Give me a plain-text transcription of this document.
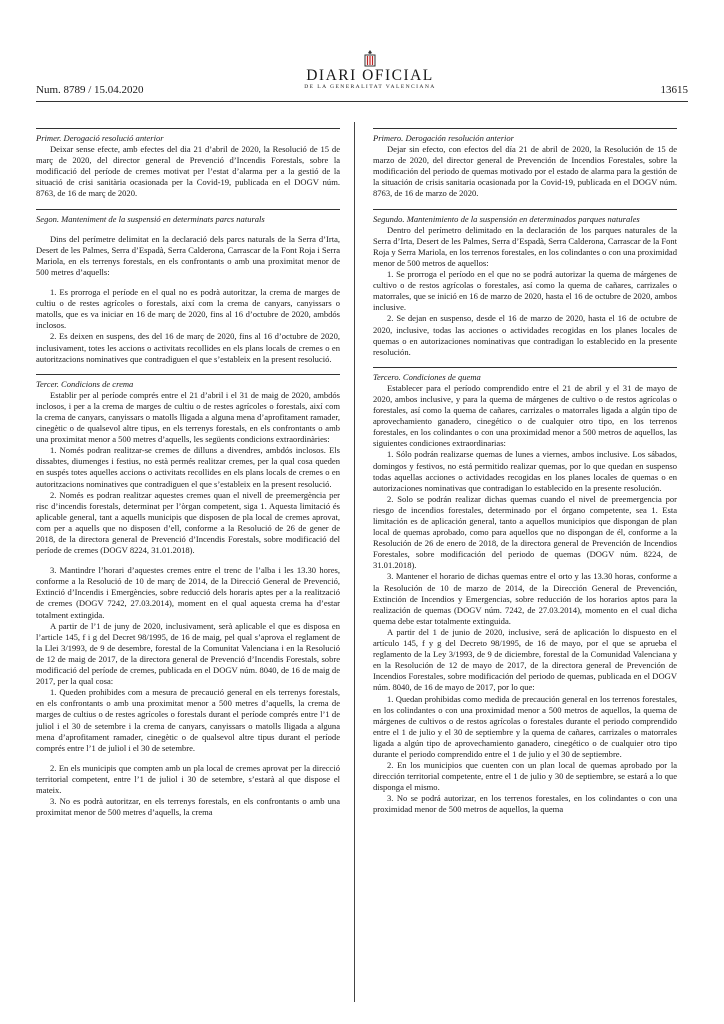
Num. 8789 / 15.04.2020
DIARI OFICIAL
DE LA GENERALITAT VALENCIANA	13615

Primer. Derogació resolució anterior

Deixar sense efecte, amb efectes del dia 21 d’abril de 2020, la Resolució de 15 de març de 2020, del director general de Prevenció d’Incendis Forestals, sobre la modificació del període de cremes motivat per l’estat d’alarma per a la gestió de la situació de crisi sanitària ocasionada per la Covid-19, publicada en el DOGV núm. 8763, de 16 de març de 2020.

Segon. Manteniment de la suspensió en determinats parcs naturals

Dins del perímetre delimitat en la declaració dels parcs naturals de la Serra d’Irta, Desert de les Palmes, Serra d’Espadà, Serra Calderona, Carrascar de la Font Roja i Serra Mariola, en els terrenys forestals, en els confrontants o amb una proximitat menor de 500 metres d’aquells:

1. Es prorroga el període en el qual no es podrà autoritzar, la crema de marges de cultiu o de restes agrícoles o forestals, així com la crema de canyars, canyissars o matolls, que es va iniciar en 16 de març de 2020, fins al 16 d’octubre de 2020, ambdós inclosos.

2. Es deixen en suspens, des del 16 de març de 2020, fins al 16 d’octubre de 2020, inclusivament, totes les accions o activitats recollides en els plans locals de cremes o en autoritzacions nominatives que contradiguen el que s’estableix en la present resolució.

Tercer. Condicions de crema

Establir per al període comprés entre el 21 d’abril i el 31 de maig de 2020, ambdós inclosos, i per a la crema de marges de cultiu o de restes agrícoles o forestals, així com la crema de canyars, canyissars o matolls lligada a alguna mena d’aprofitament ramader, cinegètic o de qualsevol altre tipus, en els terrenys forestals, en els confrontants o amb una proximitat menor a 500 metres d’aquells, les següents condicions extraordinàries:

1. Només podran realitzar-se cremes de dilluns a divendres, ambdós inclosos. Els dissabtes, diumenges i festius, no està permés realitzar cremes, per la qual cosa queden en suspés totes aquelles accions o activitats recollides en els plans locals de cremes o en autoritzacions nominatives que contradiguen el que s’estableix en la present resolució.

2. Només es podran realitzar aquestes cremes quan el nivell de preemergència per risc d’incendis forestals, determinat per l’òrgan competent, siga 1. Aquesta limitació és aplicable general, tant a aquells municipis que disposen de pla local de cremes aprovat, com per a aquells que no disposen d’ell, conforme a la Resolució de 26 de gener de 2018, de la directora general de Prevenció d’Incendis Forestals, sobre modificació del període de cremes (DOGV 8224, 31.01.2018).

3. Mantindre l’horari d’aquestes cremes entre el trenc de l’alba i les 13.30 hores, conforme a la Resolució de 10 de març de 2014, de la Direcció General de Prevenció, Extinció d’Incendis i Emergències, sobre reducció dels horaris aptes per a la realització de cremes (DOGV 7242, 27.03.2014), moment en el qual aquesta crema ha d’estar totalment extingida.

A partir de l’1 de juny de 2020, inclusivament, serà aplicable el que es disposa en l’article 145, f i g del Decret 98/1995, de 16 de maig, pel qual s’aprova el reglament de la Llei 3/1993, de 9 de desembre, forestal de la Comunitat Valenciana i en la Resolució de 12 de maig de 2017, de la directora general de Prevenció d’Incendis Forestals, sobre modificació del període de cremes, publicada en el DOGV núm. 8040, de 16 de maig de 2017, per la qual cosa:

1. Queden prohibides com a mesura de precaució general en els terrenys forestals, en els confrontants o amb una proximitat menor a 500 metres d’aquells, la crema de marges de cultius o de restes agrícoles o forestals durant el període comprés entre l’1 de juliol i el 30 de setembre i la crema de canyars, canyissars o matolls lligada a alguna mena d’aprofitament ramader, cinegètic o de qualsevol altre tipus durant el període comprés entre l’1 de juliol i el 30 de setembre.

2. En els municipis que compten amb un pla local de cremes aprovat per la direcció territorial competent, entre l’1 de juliol i 30 de setembre, s’estarà al que dispose el mateix.

3. No es podrà autoritzar, en els terrenys forestals, en els confrontants o amb una proximitat menor de 500 metres d’aquells, la crema

Primero. Derogación resolución anterior

Dejar sin efecto, con efectos del día 21 de abril de 2020, la Resolución de 15 de marzo de 2020, del director general de Prevención de Incendios Forestales, sobre la modificación del periodo de quemas motivado por el estado de alarma para la gestión de la situación de crisis sanitaria ocasionada por la Covid-19, publicada en el DOGV núm. 8763, de 16 de marzo de 2020.

Segundo. Mantenimiento de la suspensión en determinados parques naturales

Dentro del perímetro delimitado en la declaración de los parques naturales de la Serra d’Irta, Desert de les Palmes, Serra d’Espadà, Serra Calderona, Carrascar de la Font Roja y Serra Mariola, en los terrenos forestales, en los colindantes o con una proximidad menor de 500 metros de aquellos:

1. Se prorroga el período en el que no se podrá autorizar la quema de márgenes de cultivo o de restos agrícolas o forestales, así como la quema de cañares, carrizales o matorrales, que se inició en 16 de marzo de 2020, hasta el 16 de octubre de 2020, ambos inclusive.

2. Se dejan en suspenso, desde el 16 de marzo de 2020, hasta el 16 de octubre de 2020, inclusive, todas las acciones o actividades recogidas en los planes locales de quemas o en autorizaciones nominativas que contradigan lo establecido en la presente resolución.

Tercero. Condiciones de quema

Establecer para el período comprendido entre el 21 de abril y el 31 de mayo de 2020, ambos inclusive, y para la quema de márgenes de cultivo o de restos agrícolas o forestales, así como la quema de cañares, carrizales o matorrales ligada a algún tipo de aprovechamiento ganadero, cinegético o de cualquier otro tipo, en los terrenos forestales, en los colindantes o con una proximidad menor a 500 metros de aquellos, las siguientes condiciones extraordinarias:

1. Sólo podrán realizarse quemas de lunes a viernes, ambos inclusive. Los sábados, domingos y festivos, no está permitido realizar quemas, por lo que quedan en suspenso todas aquellas acciones o actividades recogidas en los planes locales de quemas o en autorizaciones nominativas que contradigan lo establecido en la presente resolución.

2. Solo se podrán realizar dichas quemas cuando el nivel de preemergencia por riesgo de incendios forestales, determinado por el órgano competente, sea 1. Esta limitación es de aplicación general, tanto a aquellos municipios que dispongan de plan local de quemas aprobado, como para aquellos que no dispongan de él, conforme a la Resolución de 26 de enero de 2018, de la directora general de Prevención de Incendios Forestales, sobre modificación del periodo de quemas (DOGV núm. 8224, de 31.01.2018).

3. Mantener el horario de dichas quemas entre el orto y las 13.30 horas, conforme a la Resolución de 10 de marzo de 2014, de la Dirección General de Prevención, Extinción de Incendios y Emergencias, sobre reducción de los horarios aptos para la realización de quemas (DOGV núm. 7242, de 27.03.2014), momento en el cual dicha quema debe estar totalmente extinguida.

A partir del 1 de junio de 2020, inclusive, será de aplicación lo dispuesto en el artículo 145, f y g del Decreto 98/1995, de 16 de mayo, por el que se aprueba el reglamento de la Ley 3/1993, de 9 de diciembre, forestal de la Comunidad Valenciana y en la Resolución de 12 de mayo de 2017, de la directora general de Prevención de Incendios Forestales, sobre modificación del periodo de quemas, publicada en el DOGV núm. 8040, de 16 de mayo de 2017, por lo que:

1. Quedan prohibidas como medida de precaución general en los terrenos forestales, en los colindantes o con una proximidad menor a 500 metros de aquellos, la quema de márgenes de cultivos o de restos agrícolas o forestales durante el periodo comprendido entre el 1 de julio y el 30 de septiembre y la quema de cañares, carrizales o matorrales ligada a algún tipo de aprovechamiento ganadero, cinegético o de cualquier otro tipo durante el periodo comprendido entre el 1 de julio y el 30 de septiembre.

2. En los municipios que cuenten con un plan local de quemas aprobado por la dirección territorial competente, entre el 1 de julio y 30 de septiembre, se estará a lo que disponga el mismo.

3. No se podrá autorizar, en los terrenos forestales, en los colindantes o con una proximidad menor de 500 metros de aquellos, la quema
